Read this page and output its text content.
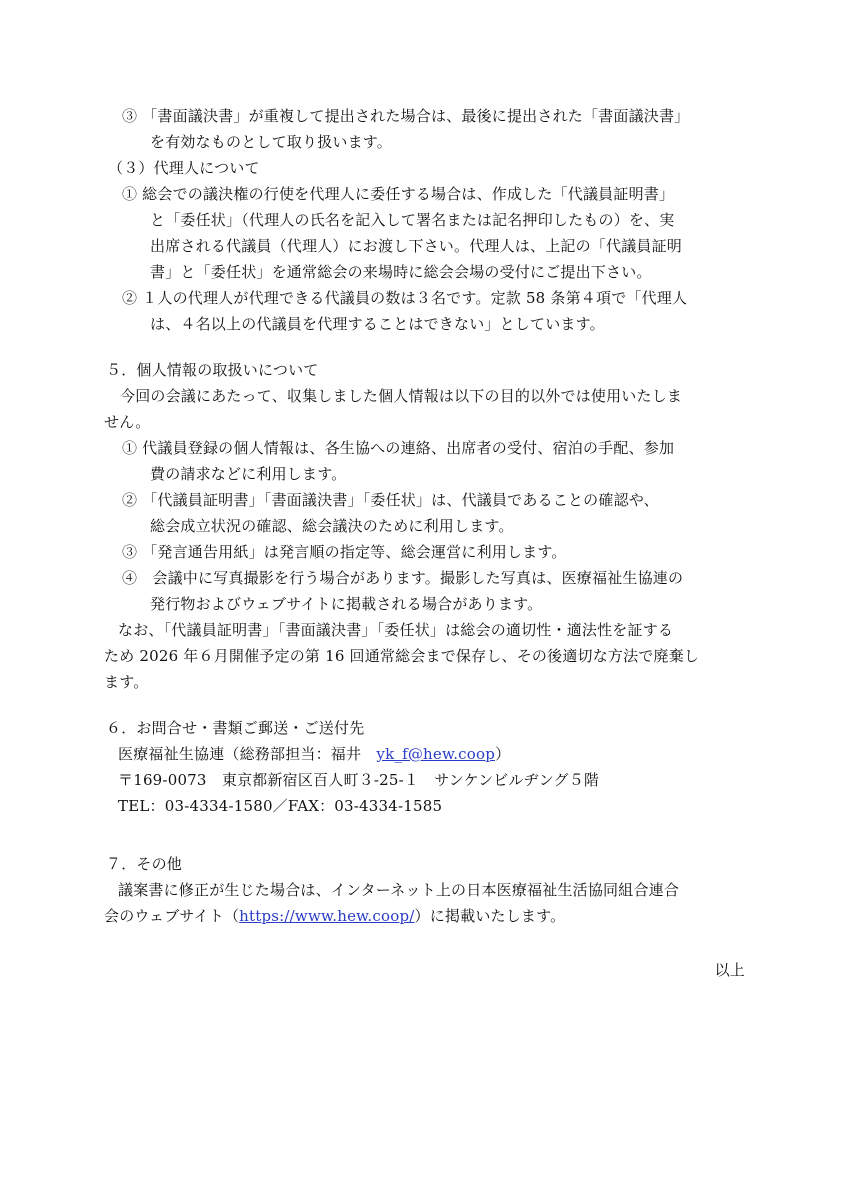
③ 「書面議決書」が重複して提出された場合は、最後に提出された「書面議決書」
を有効なものとして取り扱います。
（３）代理人について
① 総会での議決権の行使を代理人に委任する場合は、作成した「代議員証明書」
と「委任状」（代理人の氏名を記入して署名または記名押印したもの）を、実
出席される代議員（代理人）にお渡し下さい。代理人は、上記の「代議員証明
書」と「委任状」を通常総会の来場時に総会会場の受付にご提出下さい。
② １人の代理人が代理できる代議員の数は３名です。定款 58 条第４項で「代理人
は、４名以上の代議員を代理することはできない」としています。
５．個人情報の取扱いについて
今回の会議にあたって、収集しました個人情報は以下の目的以外では使用いたしま
せん。
① 代議員登録の個人情報は、各生協への連絡、出席者の受付、宿泊の手配、参加
費の請求などに利用します。
② 「代議員証明書」「書面議決書」「委任状」は、代議員であることの確認や、
総会成立状況の確認、総会議決のために利用します。
③ 「発言通告用紙」は発言順の指定等、総会運営に利用します。
④　会議中に写真撮影を行う場合があります。撮影した写真は、医療福祉生協連の
発行物およびウェブサイトに掲載される場合があります。
なお、「代議員証明書」「書面議決書」「委任状」は総会の適切性・適法性を証する
ため 2026 年６月開催予定の第 16 回通常総会まで保存し、その後適切な方法で廃棄し
ます。
６．お問合せ・書類ご郵送・ご送付先
医療福祉生協連（総務部担当：福井　yk_f@hew.coop）
〒169-0073　東京都新宿区百人町３‐25‐１　サンケンビルヂング５階
TEL：03‐4334-1580／FAX：03‐4334-1585
７．その他
議案書に修正が生じた場合は、インターネット上の日本医療福祉生活協同組合連合
会のウェブサイト（https://www.hew.coop/）に掲載いたします。
以上
